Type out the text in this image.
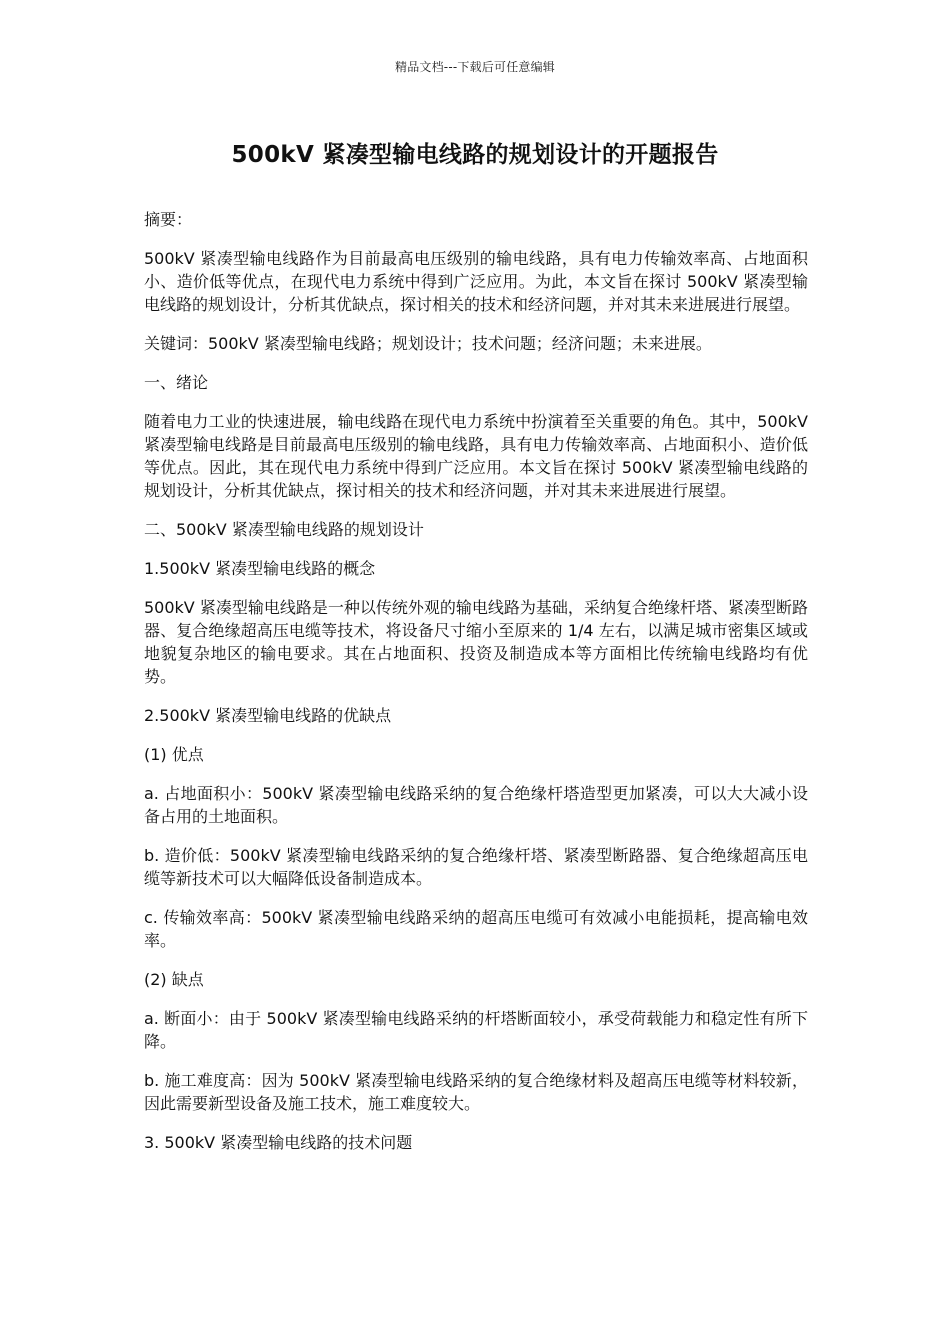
精品文档---下载后可任意编辑
500kV 紧凑型输电线路的规划设计的开题报告

摘要：

500kV 紧凑型输电线路作为目前最高电压级别的输电线路，具有电力传输效率高、占地面积小、造价低等优点，在现代电力系统中得到广泛应用。为此，本文旨在探讨 500kV 紧凑型输电线路的规划设计，分析其优缺点，探讨相关的技术和经济问题，并对其未来进展进行展望。

关键词：500kV 紧凑型输电线路；规划设计；技术问题；经济问题；未来进展。

一、绪论

随着电力工业的快速进展，输电线路在现代电力系统中扮演着至关重要的角色。其中，500kV 紧凑型输电线路是目前最高电压级别的输电线路，具有电力传输效率高、占地面积小、造价低等优点。因此，其在现代电力系统中得到广泛应用。本文旨在探讨 500kV 紧凑型输电线路的规划设计，分析其优缺点，探讨相关的技术和经济问题，并对其未来进展进行展望。

二、500kV 紧凑型输电线路的规划设计

1.500kV 紧凑型输电线路的概念

500kV 紧凑型输电线路是一种以传统外观的输电线路为基础，采纳复合绝缘杆塔、紧凑型断路器、复合绝缘超高压电缆等技术，将设备尺寸缩小至原来的 1/4 左右，以满足城市密集区域或地貌复杂地区的输电要求。其在占地面积、投资及制造成本等方面相比传统输电线路均有优势。

2.500kV 紧凑型输电线路的优缺点

(1) 优点

a. 占地面积小：500kV 紧凑型输电线路采纳的复合绝缘杆塔造型更加紧凑，可以大大减小设备占用的土地面积。

b. 造价低：500kV 紧凑型输电线路采纳的复合绝缘杆塔、紧凑型断路器、复合绝缘超高压电缆等新技术可以大幅降低设备制造成本。

c. 传输效率高：500kV 紧凑型输电线路采纳的超高压电缆可有效减小电能损耗，提高输电效率。

(2) 缺点

a. 断面小：由于 500kV 紧凑型输电线路采纳的杆塔断面较小，承受荷载能力和稳定性有所下降。

b. 施工难度高：因为 500kV 紧凑型输电线路采纳的复合绝缘材料及超高压电缆等材料较新，因此需要新型设备及施工技术，施工难度较大。

3. 500kV 紧凑型输电线路的技术问题
